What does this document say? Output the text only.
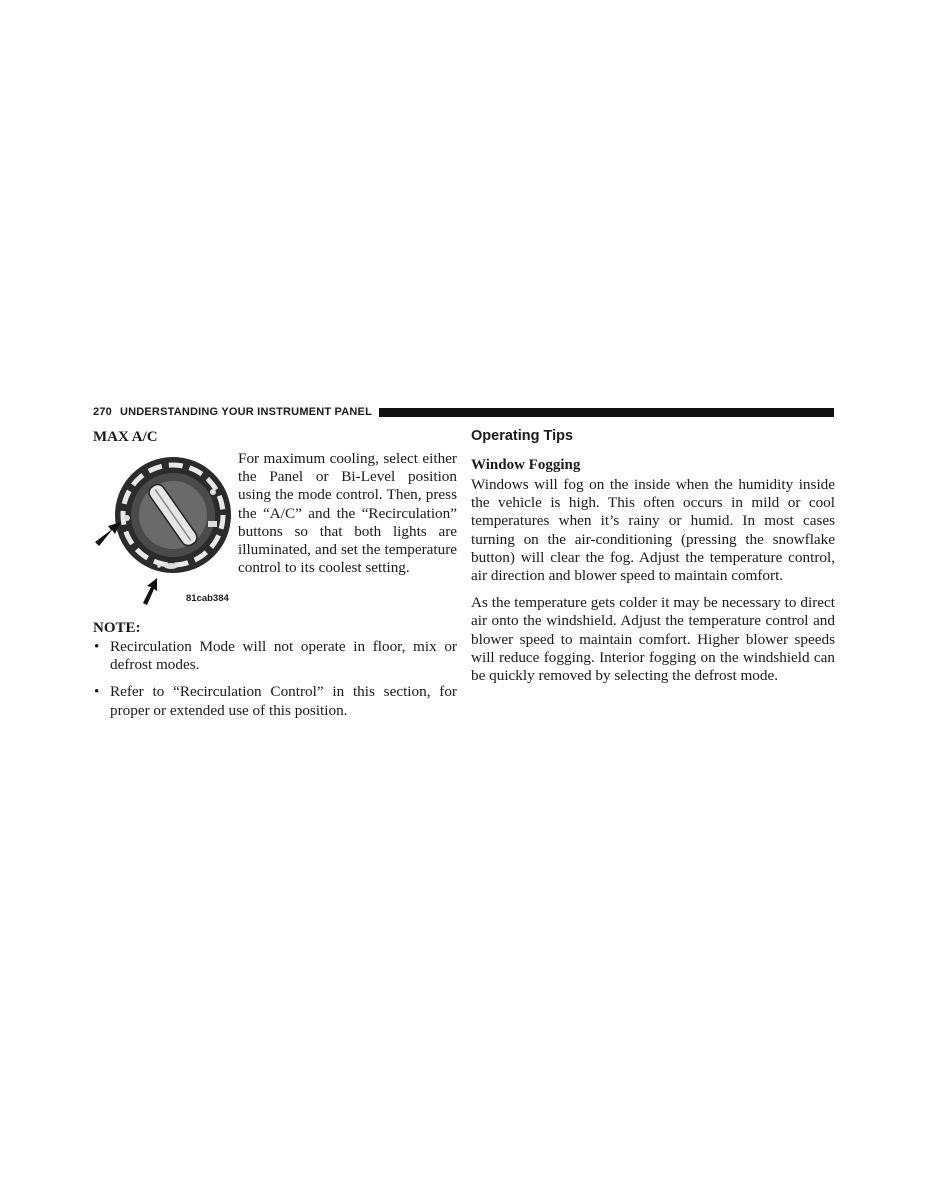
270 UNDERSTANDING YOUR INSTRUMENT PANEL
MAX A/C
81cab384

For maximum cooling, select either the Panel or Bi-Level position using the mode control. Then, press the “A/C” and the “Recirculation” buttons so that both lights are illuminated, and set the temperature control to its coolest setting.

NOTE:
• Recirculation Mode will not operate in floor, mix or defrost modes.
• Refer to “Recirculation Control” in this section, for proper or extended use of this position.
Operating Tips
Window Fogging

Windows will fog on the inside when the humidity inside the vehicle is high. This often occurs in mild or cool temperatures when it’s rainy or humid. In most cases turning on the air-conditioning (pressing the snowflake button) will clear the fog. Adjust the temperature control, air direction and blower speed to maintain comfort.

As the temperature gets colder it may be necessary to direct air onto the windshield. Adjust the temperature control and blower speed to maintain comfort. Higher blower speeds will reduce fogging. Interior fogging on the windshield can be quickly removed by selecting the defrost mode.
